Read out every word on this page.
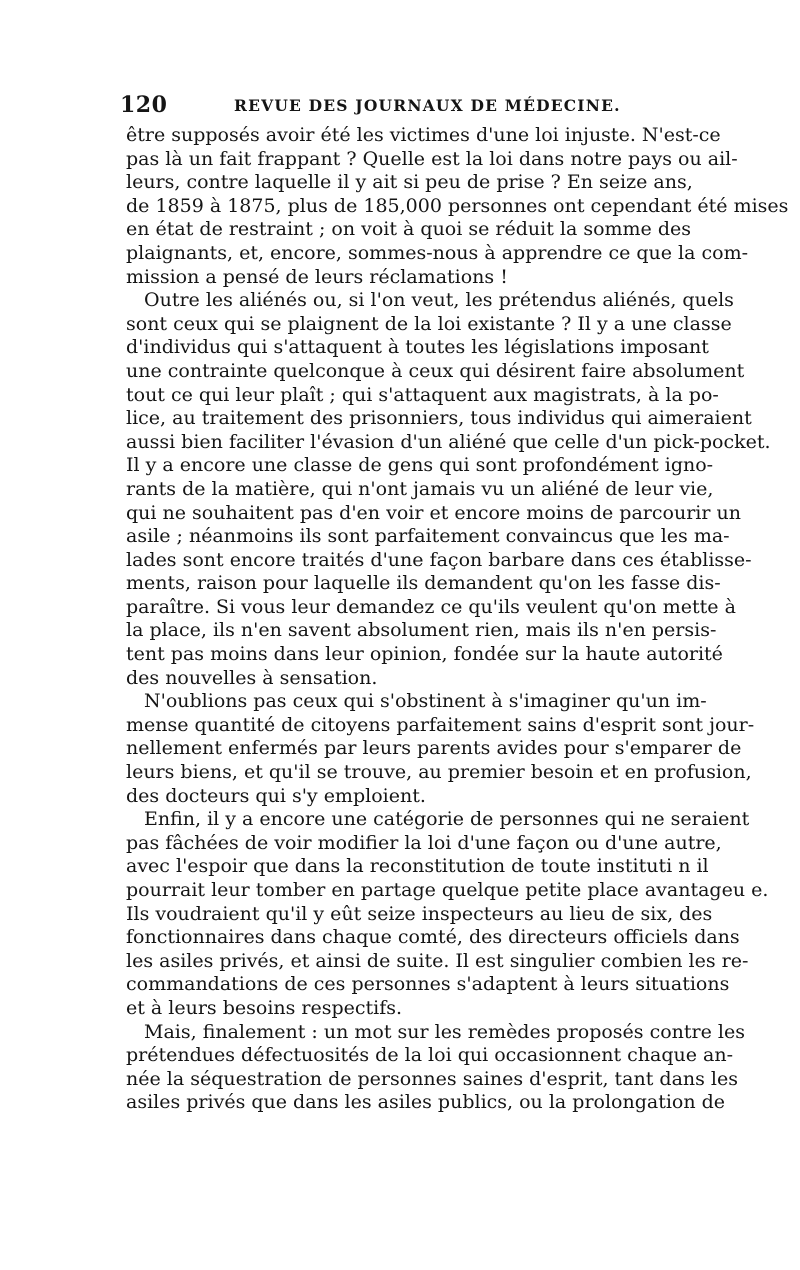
120	REVUE DES JOURNAUX DE MÉDECINE.
être supposés avoir été les victimes d'une loi injuste. N'est-ce
pas là un fait frappant ? Quelle est la loi dans notre pays ou ail-
leurs, contre laquelle il y ait si peu de prise ? En seize ans,
de 1859 à 1875, plus de 185,000 personnes ont cependant été mises
en état de restraint ; on voit à quoi se réduit la somme des
plaignants, et, encore, sommes-nous à apprendre ce que la com-
mission a pensé de leurs réclamations !
Outre les aliénés ou, si l'on veut, les prétendus aliénés, quels
sont ceux qui se plaignent de la loi existante ? Il y a une classe
d'individus qui s'attaquent à toutes les législations imposant
une contrainte quelconque à ceux qui désirent faire absolument
tout ce qui leur plaît ; qui s'attaquent aux magistrats, à la po-
lice, au traitement des prisonniers, tous individus qui aimeraient
aussi bien faciliter l'évasion d'un aliéné que celle d'un pick-pocket.
Il y a encore une classe de gens qui sont profondément igno-
rants de la matière, qui n'ont jamais vu un aliéné de leur vie,
qui ne souhaitent pas d'en voir et encore moins de parcourir un
asile ; néanmoins ils sont parfaitement convaincus que les ma-
lades sont encore traités d'une façon barbare dans ces établisse-
ments, raison pour laquelle ils demandent qu'on les fasse dis-
paraître. Si vous leur demandez ce qu'ils veulent qu'on mette à
la place, ils n'en savent absolument rien, mais ils n'en persis-
tent pas moins dans leur opinion, fondée sur la haute autorité
des nouvelles à sensation.
N'oublions pas ceux qui s'obstinent à s'imaginer qu'un im-
mense quantité de citoyens parfaitement sains d'esprit sont jour-
nellement enfermés par leurs parents avides pour s'emparer de
leurs biens, et qu'il se trouve, au premier besoin et en profusion,
des docteurs qui s'y emploient.
Enfin, il y a encore une catégorie de personnes qui ne seraient
pas fâchées de voir modifier la loi d'une façon ou d'une autre,
avec l'espoir que dans la reconstitution de toute instituti n il
pourrait leur tomber en partage quelque petite place avantageu e.
Ils voudraient qu'il y eût seize inspecteurs au lieu de six, des
fonctionnaires dans chaque comté, des directeurs officiels dans
les asiles privés, et ainsi de suite. Il est singulier combien les re-
commandations de ces personnes s'adaptent à leurs situations
et à leurs besoins respectifs.
Mais, finalement : un mot sur les remèdes proposés contre les
prétendues défectuosités de la loi qui occasionnent chaque an-
née la séquestration de personnes saines d'esprit, tant dans les
asiles privés que dans les asiles publics, ou la prolongation de
